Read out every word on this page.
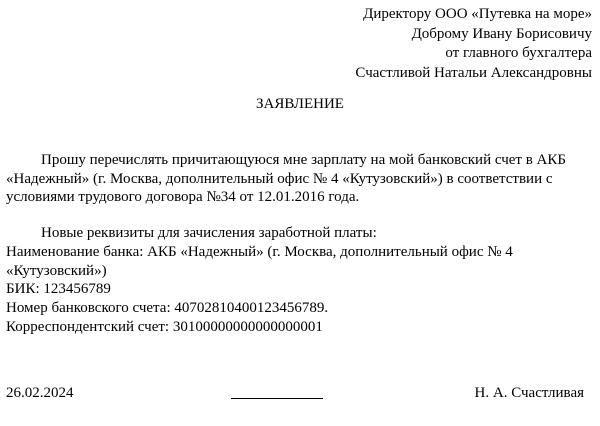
Директору ООО «Путевка на море»
Доброму Ивану Борисовичу
от главного бухгалтера
Счастливой Натальи Александровны
ЗАЯВЛЕНИЕ
Прошу перечислять причитающуюся мне зарплату на мой банковский счет в АКБ
«Надежный» (г. Москва, дополнительный офис № 4 «Кутузовский») в соответствии с
условиями трудового договора №34 от 12.01.2016 года.
Новые реквизиты для зачисления заработной платы:
Наименование банка: АКБ «Надежный» (г. Москва, дополнительный офис № 4
«Кутузовский»)
БИК: 123456789
Номер банковского счета: 40702810400123456789.
Корреспондентский счет: 30100000000000000001
26.02.2024	Н. А. Счастливая
